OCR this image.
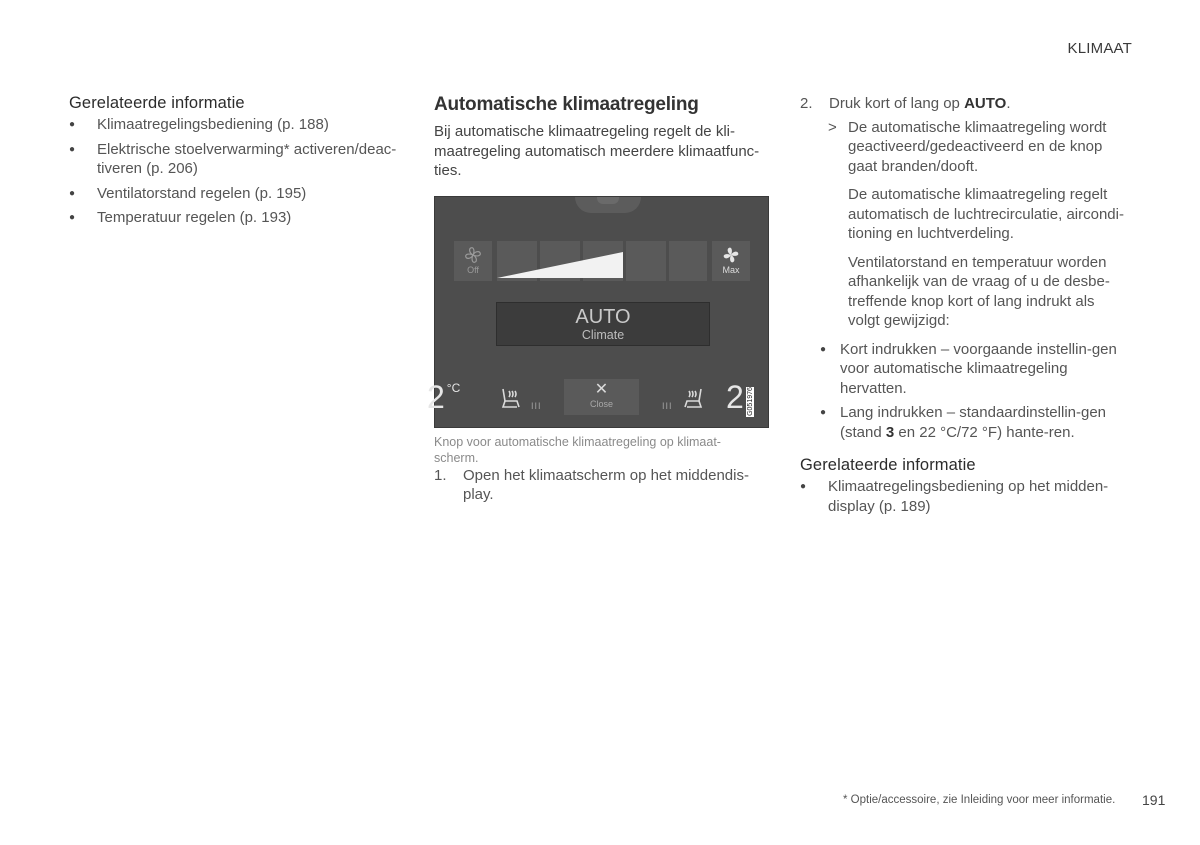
KLIMAAT
Gerelateerde informatie
● Klimaatregelingsbediening (p. 188)
● Elektrische stoelverwarming* activeren/deac-tiveren (p. 206)
● Ventilatorstand regelen (p. 195)
● Temperatuur regelen (p. 193)
Automatische klimaatregeling

Bij automatische klimaatregeling regelt de kli-maatregeling automatisch meerdere klimaatfunc-ties.

Off	Max
AUTO
Climate
2 $^{^\circ C}$
III
✕
Close	III 2 G051976

Knop voor automatische klimaatregeling op klimaat-scherm.

1. Open het klimaatscherm op het middendis-play.
2. Druk kort of lang op AUTO.
> De automatische klimaatregeling wordt geactiveerd/gedeactiveerd en de knop gaat branden/dooft.

De automatische klimaatregeling regelt automatisch de luchtrecirculatie, aircondi-tioning en luchtverdeling.

Ventilatorstand en temperatuur worden afhankelijk van de vraag of u de desbe-treffende knop kort of lang indrukt als volgt gewijzigd:

● Kort indrukken – voorgaande instellin-gen voor automatische klimaatregeling hervatten.
● Lang indrukken – standaardinstellin-gen (stand 3 en 22 °C/72 °F) hante-ren.
Gerelateerde informatie
● Klimaatregelingsbediening op het midden-display (p. 189)
* Optie/accessoire, zie Inleiding voor meer informatie. 191
